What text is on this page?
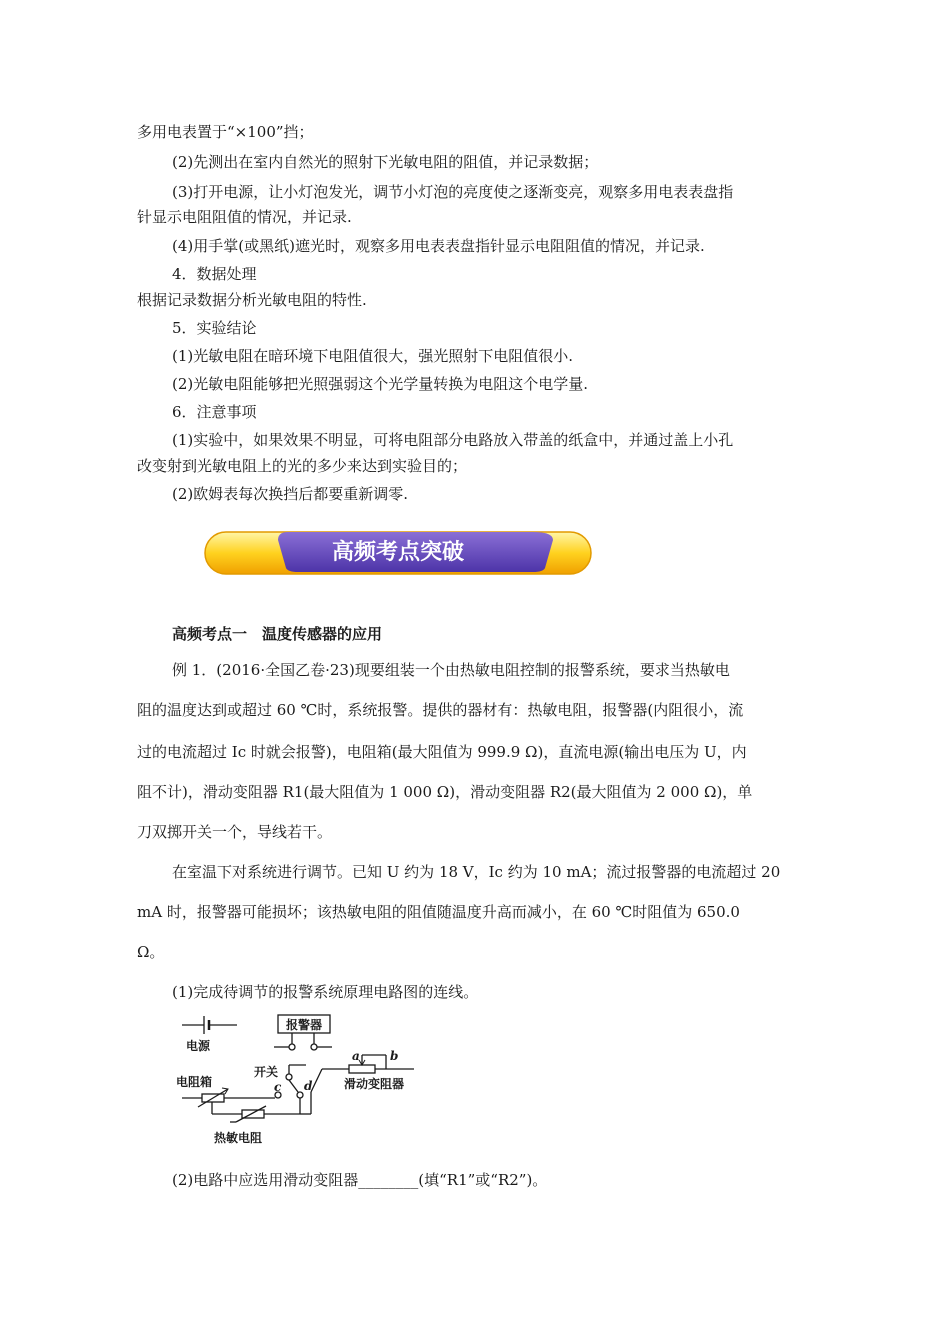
多用电表置于“×100”挡；
(2)先测出在室内自然光的照射下光敏电阻的阻值，并记录数据；
(3)打开电源，让小灯泡发光，调节小灯泡的亮度使之逐渐变亮，观察多用电表表盘指
针显示电阻阻值的情况，并记录.
(4)用手掌(或黑纸)遮光时，观察多用电表表盘指针显示电阻阻值的情况，并记录.
4．数据处理
根据记录数据分析光敏电阻的特性.
5．实验结论
(1)光敏电阻在暗环境下电阻值很大，强光照射下电阻值很小.
(2)光敏电阻能够把光照强弱这个光学量转换为电阻这个电学量.
6．注意事项
(1)实验中，如果效果不明显，可将电阻部分电路放入带盖的纸盒中，并通过盖上小孔
改变射到光敏电阻上的光的多少来达到实验目的；
(2)欧姆表每次换挡后都要重新调零.
高频考点突破
高频考点一　温度传感器的应用
例 1．(2016·全国乙卷·23)现要组装一个由热敏电阻控制的报警系统，要求当热敏电
阻的温度达到或超过 60 ℃时，系统报警。提供的器材有：热敏电阻，报警器(内阻很小，流
过的电流超过 Ic 时就会报警)，电阻箱(最大阻值为 999.9 Ω)，直流电源(输出电压为 U，内
阻不计)，滑动变阻器 R1(最大阻值为 1 000 Ω)，滑动变阻器 R2(最大阻值为 2 000 Ω)，单
刀双掷开关一个，导线若干。
在室温下对系统进行调节。已知 U 约为 18 V，Ic 约为 10 mA；流过报警器的电流超过 20
mA 时，报警器可能损坏；该热敏电阻的阻值随温度升高而减小，在 60 ℃时阻值为 650.0
Ω。
(1)完成待调节的报警系统原理电路图的连线。
电源
报警器
开关
电阻箱	滑动变阻器
热敏电阻
a	b
c d
(2)电路中应选用滑动变阻器________(填“R1”或“R2”)。
